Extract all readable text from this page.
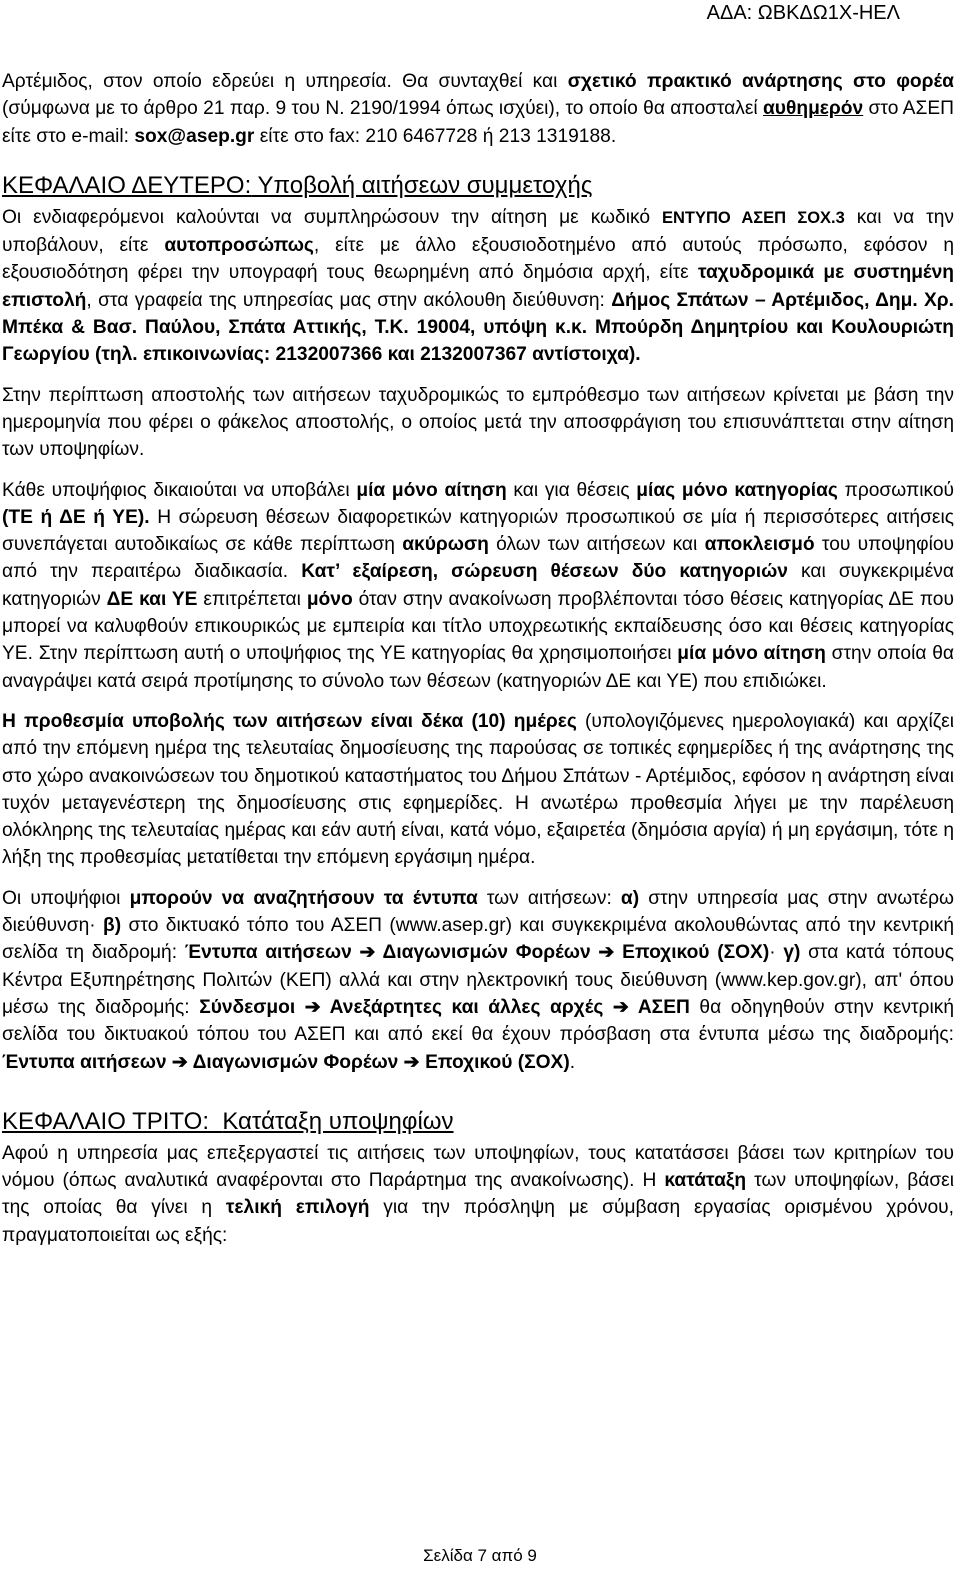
ΑΔΑ: ΩΒΚΔΩ1Χ-ΗΕΛ

Αρτέμιδος, στον οποίο εδρεύει η υπηρεσία. Θα συνταχθεί και σχετικό πρακτικό ανάρτησης στο φορέα (σύμφωνα με το άρθρο 21 παρ. 9 του Ν. 2190/1994 όπως ισχύει), το οποίο θα αποσταλεί αυθημερόν στο ΑΣΕΠ είτε στο e-mail: sox@asep.gr είτε στο fax: 210 6467728 ή 213 1319188.

ΚΕΦΑΛΑΙΟ ΔΕΥΤΕΡΟ: Υποβολή αιτήσεων συμμετοχής

Οι ενδιαφερόμενοι καλούνται να συμπληρώσουν την αίτηση με κωδικό ΕΝΤΥΠΟ ΑΣΕΠ ΣΟΧ.3 και να την υποβάλουν, είτε αυτοπροσώπως, είτε με άλλο εξουσιοδοτημένο από αυτούς πρόσωπο, εφόσον η εξουσιοδότηση φέρει την υπογραφή τους θεωρημένη από δημόσια αρχή, είτε ταχυδρομικά με συστημένη επιστολή, στα γραφεία της υπηρεσίας μας στην ακόλουθη διεύθυνση: Δήμος Σπάτων – Αρτέμιδος, Δημ. Χρ. Μπέκα & Βασ. Παύλου, Σπάτα Αττικής, Τ.Κ. 19004, υπόψη κ.κ. Μπούρδη Δημητρίου και Κουλουριώτη Γεωργίου (τηλ. επικοινωνίας: 2132007366 και 2132007367 αντίστοιχα).

Στην περίπτωση αποστολής των αιτήσεων ταχυδρομικώς το εμπρόθεσμο των αιτήσεων κρίνεται με βάση την ημερομηνία που φέρει ο φάκελος αποστολής, ο οποίος μετά την αποσφράγιση του επισυνάπτεται στην αίτηση των υποψηφίων.

Κάθε υποψήφιος δικαιούται να υποβάλει μία μόνο αίτηση και για θέσεις μίας μόνο κατηγορίας προσωπικού (ΤΕ ή ΔΕ ή ΥΕ). Η σώρευση θέσεων διαφορετικών κατηγοριών προσωπικού σε μία ή περισσότερες αιτήσεις συνεπάγεται αυτοδικαίως σε κάθε περίπτωση ακύρωση όλων των αιτήσεων και αποκλεισμό του υποψηφίου από την περαιτέρω διαδικασία. Κατ’ εξαίρεση, σώρευση θέσεων δύο κατηγοριών και συγκεκριμένα κατηγοριών ΔΕ και ΥΕ επιτρέπεται μόνο όταν στην ανακοίνωση προβλέπονται τόσο θέσεις κατηγορίας ΔΕ που μπορεί να καλυφθούν επικουρικώς με εμπειρία και τίτλο υποχρεωτικής εκπαίδευσης όσο και θέσεις κατηγορίας ΥΕ. Στην περίπτωση αυτή ο υποψήφιος της ΥΕ κατηγορίας θα χρησιμοποιήσει μία μόνο αίτηση στην οποία θα αναγράψει κατά σειρά προτίμησης το σύνολο των θέσεων (κατηγοριών ΔΕ και ΥΕ) που επιδιώκει.

Η προθεσμία υποβολής των αιτήσεων είναι δέκα (10) ημέρες (υπολογιζόμενες ημερολογιακά) και αρχίζει από την επόμενη ημέρα της τελευταίας δημοσίευσης της παρούσας σε τοπικές εφημερίδες ή της ανάρτησης της στο χώρο ανακοινώσεων του δημοτικού καταστήματος του Δήμου Σπάτων - Αρτέμιδος, εφόσον η ανάρτηση είναι τυχόν μεταγενέστερη της δημοσίευσης στις εφημερίδες. Η ανωτέρω προθεσμία λήγει με την παρέλευση ολόκληρης της τελευταίας ημέρας και εάν αυτή είναι, κατά νόμο, εξαιρετέα (δημόσια αργία) ή μη εργάσιμη, τότε η λήξη της προθεσμίας μετατίθεται την επόμενη εργάσιμη ημέρα.

Οι υποψήφιοι μπορούν να αναζητήσουν τα έντυπα των αιτήσεων: α) στην υπηρεσία μας στην ανωτέρω διεύθυνση· β) στο δικτυακό τόπο του ΑΣΕΠ (www.asep.gr) και συγκεκριμένα ακολουθώντας από την κεντρική σελίδα τη διαδρομή: Έντυπα αιτήσεων ➔ Διαγωνισμών Φορέων ➔ Εποχικού (ΣΟΧ)· γ) στα κατά τόπους Κέντρα Εξυπηρέτησης Πολιτών (ΚΕΠ) αλλά και στην ηλεκτρονική τους διεύθυνση (www.kep.gov.gr), απ' όπου μέσω της διαδρομής: Σύνδεσμοι ➔ Ανεξάρτητες και άλλες αρχές ➔ ΑΣΕΠ θα οδηγηθούν στην κεντρική σελίδα του δικτυακού τόπου του ΑΣΕΠ και από εκεί θα έχουν πρόσβαση στα έντυπα μέσω της διαδρομής: Έντυπα αιτήσεων ➔ Διαγωνισμών Φορέων ➔ Εποχικού (ΣΟΧ).

ΚΕΦΑΛΑΙΟ ΤΡΙΤΟ: Κατάταξη υποψηφίων

Αφού η υπηρεσία μας επεξεργαστεί τις αιτήσεις των υποψηφίων, τους κατατάσσει βάσει των κριτηρίων του νόμου (όπως αναλυτικά αναφέρονται στο Παράρτημα της ανακοίνωσης). Η κατάταξη των υποψηφίων, βάσει της οποίας θα γίνει η τελική επιλογή για την πρόσληψη με σύμβαση εργασίας ορισμένου χρόνου, πραγματοποιείται ως εξής:

Σελίδα 7 από 9
